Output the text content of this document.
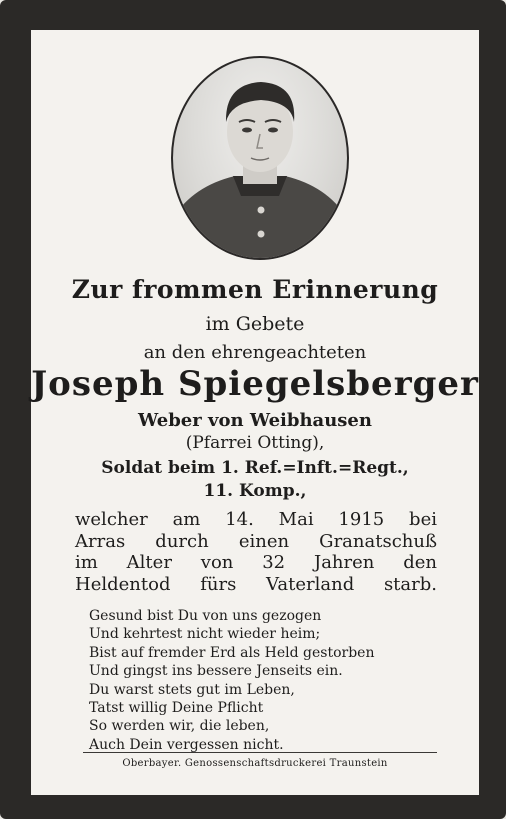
Zur frommen Erinnerung
im Gebete
an den ehrengeachteten
Joseph Spiegelsberger
Weber von Weibhausen
(Pfarrei Otting),
Soldat beim 1. Ref.=Inft.=Regt.,
11. Komp.,
welcher am 14. Mai 1915 bei
Arras durch einen Granatschuß
im Alter von 32 Jahren den
Heldentod fürs Vaterland starb.
Gesund bist Du von uns gezogen
Und kehrtest nicht wieder heim;
Bist auf fremder Erd als Held gestorben
Und gingst ins bessere Jenseits ein.
Du warst stets gut im Leben,
Tatst willig Deine Pflicht
So werden wir, die leben,
Auch Dein vergessen nicht.
Oberbayer. Genossenschaftsdruckerei Traunstein
